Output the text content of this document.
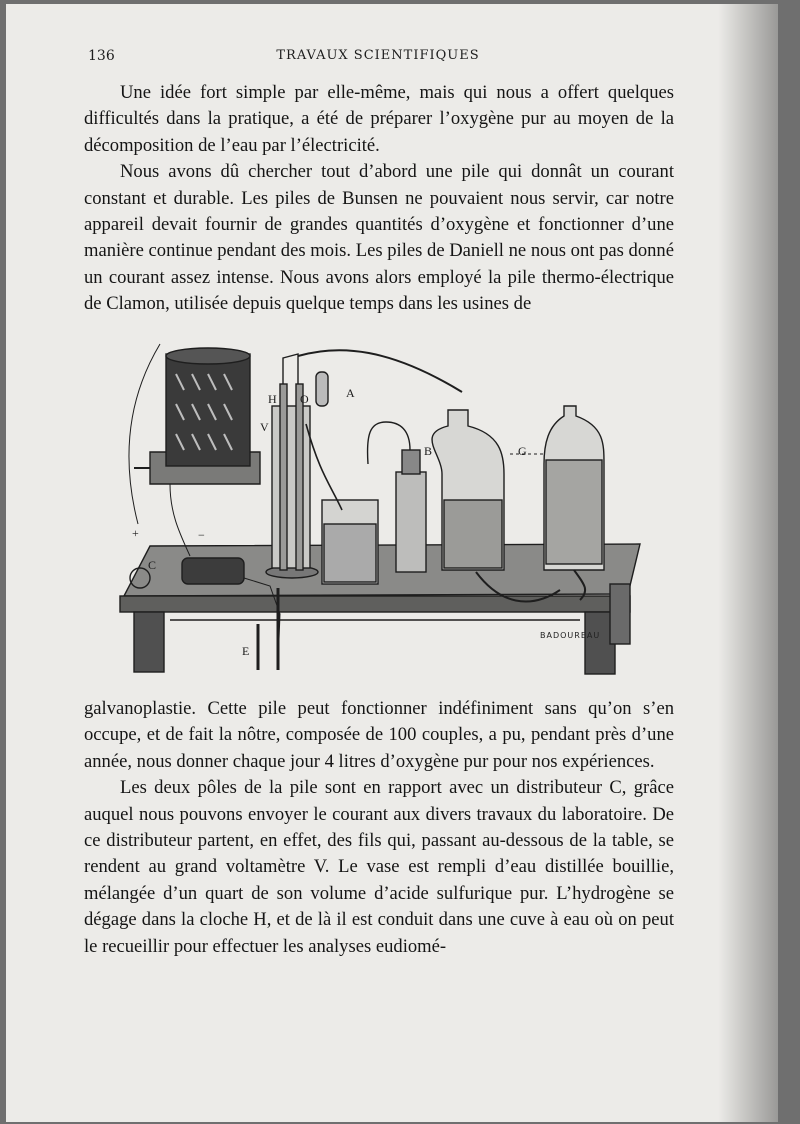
136	TRAVAUX SCIENTIFIQUES

Une idée fort simple par elle-même, mais qui nous a offert quelques difficultés dans la pratique, a été de préparer l’oxygène pur au moyen de la décomposition de l’eau par l’électricité.

Nous avons dû chercher tout d’abord une pile qui donnât un courant constant et durable. Les piles de Bunsen ne pouvaient nous servir, car notre appareil devait fournir de grandes quantités d’oxygène et fonctionner d’une manière continue pendant des mois. Les piles de Daniell ne nous ont pas donné un courant assez intense. Nous avons alors employé la pile thermo-électrique de Clamon, utilisée depuis quelque temps dans les usines de

H O	A
V
B	G
C
E
+	−
BADOUREAU

galvanoplastie. Cette pile peut fonctionner indéfiniment sans qu’on s’en occupe, et de fait la nôtre, composée de 100 couples, a pu, pendant près d’une année, nous donner chaque jour 4 litres d’oxygène pur pour nos expériences.

Les deux pôles de la pile sont en rapport avec un distributeur C, grâce auquel nous pouvons envoyer le courant aux divers travaux du laboratoire. De ce distributeur partent, en effet, des fils qui, passant au-dessous de la table, se rendent au grand voltamètre V. Le vase est rempli d’eau distillée bouillie, mélangée d’un quart de son volume d’acide sulfurique pur. L’hydrogène se dégage dans la cloche H, et de là il est conduit dans une cuve à eau où on peut le recueillir pour effectuer les analyses eudiomé-
